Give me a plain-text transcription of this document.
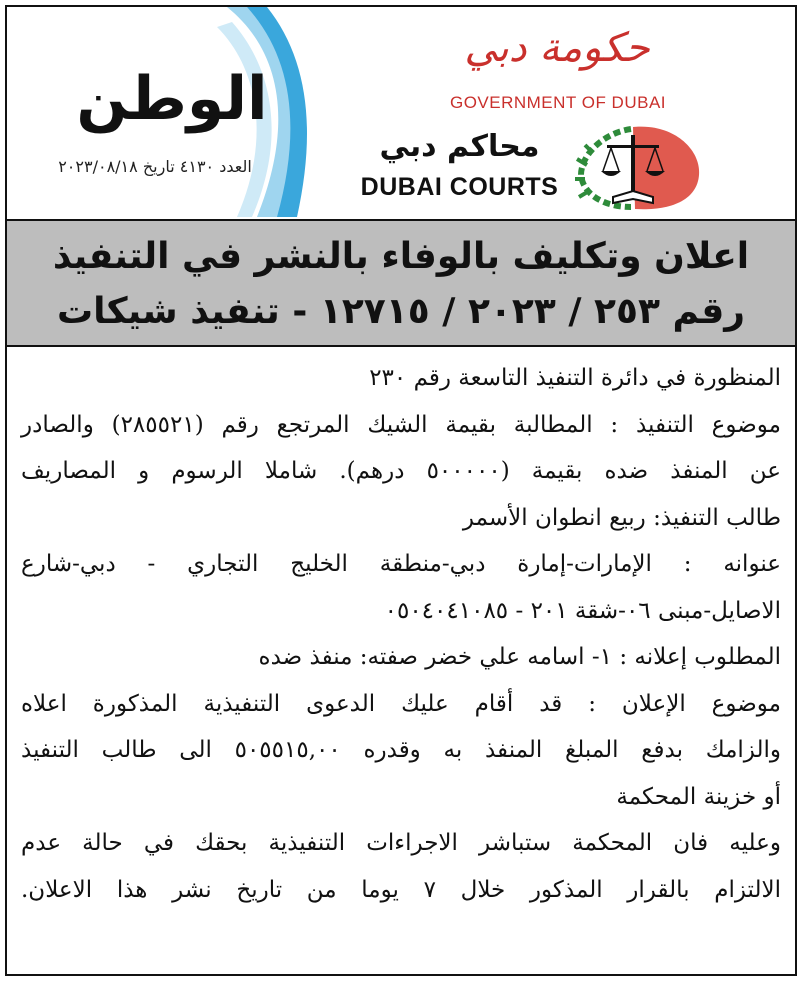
الوطن
العدد ٤١٣٠ تاريخ ٢٠٢٣/٠٨/١٨
حكومة دبي
GOVERNMENT OF DUBAI
محاكم دبي
DUBAI COURTS
اعلان وتكليف بالوفاء بالنشر في التنفيذ
رقم ٢٥٣ / ٢٠٢٣ / ١٢٧١٥ - تنفيذ شيكات

المنظورة في دائرة التنفيذ التاسعة رقم ٢٣٠

موضوع التنفيذ : المطالبة بقيمة الشيك المرتجع رقم (٢٨٥٥٢١) والصادر

عن المنفذ ضده بقيمة (٥٠٠٠٠٠ درهم). شاملا الرسوم و المصاريف

طالب التنفيذ: ربيع انطوان الأسمر

عنوانه : الإمارات-إمارة دبي-منطقة الخليج التجاري - دبي-شارع

الاصايل-مبنى ٠٦-شقة ٢٠١ - ٠٥٠٤٠٤١٠٨٥

المطلوب إعلانه : ١- اسامه علي خضر صفته: منفذ ضده

موضوع الإعلان : قد أقام عليك الدعوى التنفيذية المذكورة اعلاه

والزامك بدفع المبلغ المنفذ به وقدره ٥٠٥٥١٥,٠٠ الى طالب التنفيذ

أو خزينة المحكمة

وعليه فان المحكمة ستباشر الاجراءات التنفيذية بحقك في حالة عدم

الالتزام بالقرار المذكور خلال ٧ يوما من تاريخ نشر هذا الاعلان.
